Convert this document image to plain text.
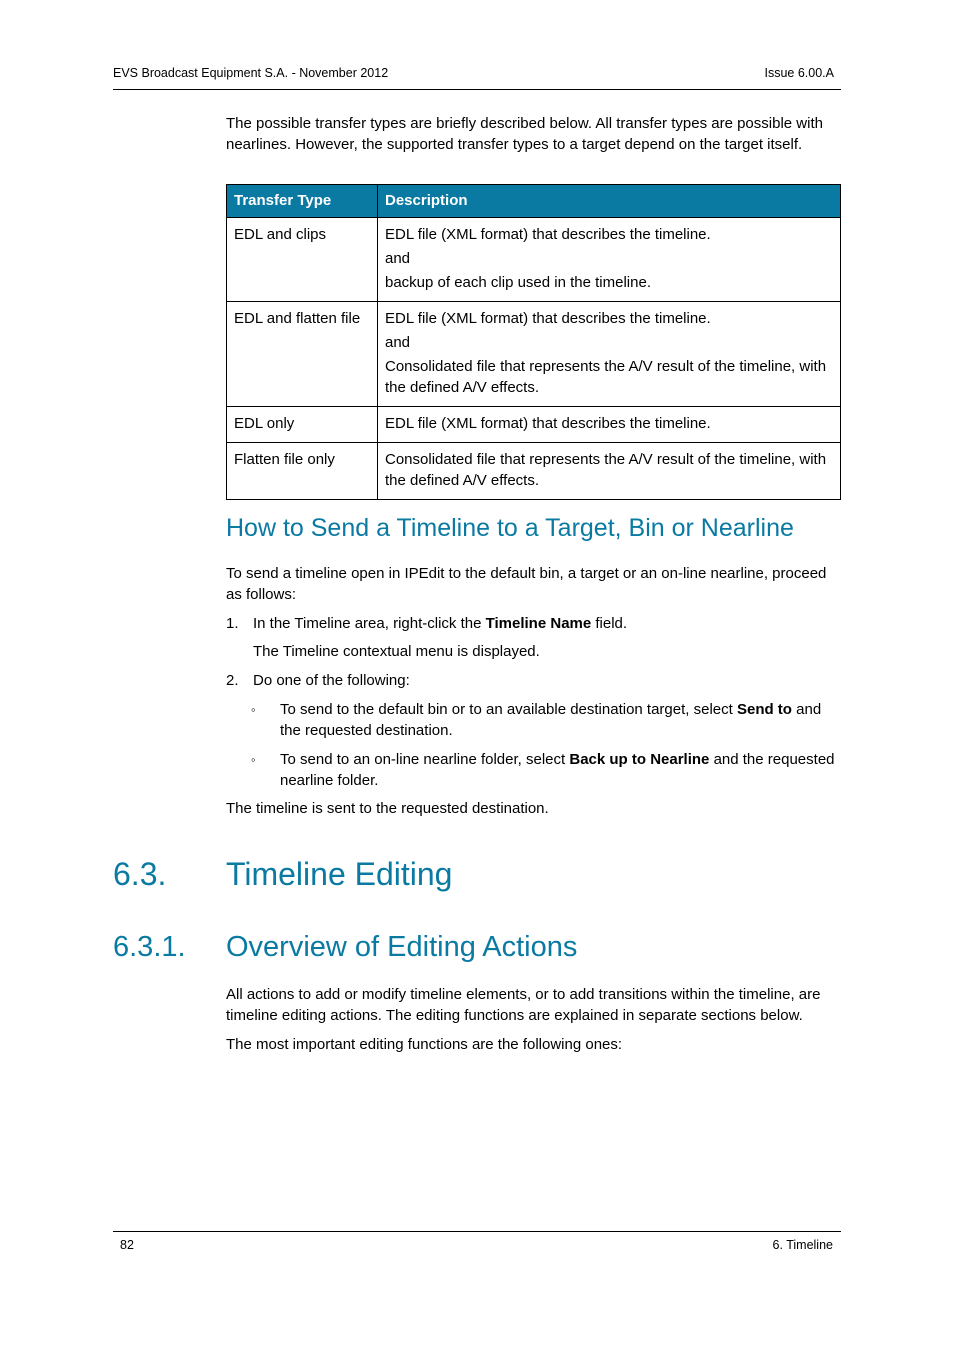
EVS Broadcast Equipment S.A. - November 2012	Issue 6.00.A

The possible transfer types are briefly described below. All transfer types are possible with nearlines. However, the supported transfer types to a target depend on the target itself.

Transfer Type	Description
EDL and clips	EDL file (XML format) that describes the timeline.
and
backup of each clip used in the timeline.

EDL and flatten file	EDL file (XML format) that describes the timeline.
and
Consolidated file that represents the A/V result of the timeline, with the defined A/V effects.

EDL only	EDL file (XML format) that describes the timeline.

Flatten file only	Consolidated file that represents the A/V result of the timeline, with the defined A/V effects.
How to Send a Timeline to a Target, Bin or Nearline

To send a timeline open in IPEdit to the default bin, a target or an on-line nearline, proceed as follows:

1. In the Timeline area, right-click the Timeline Name field.

The Timeline contextual menu is displayed.

2. Do one of the following:

◦ To send to the default bin or to an available destination target, select Send to and the requested destination.

◦ To send to an on-line nearline folder, select Back up to Nearline and the requested nearline folder.

The timeline is sent to the requested destination.

6.3. Timeline Editing
6.3.1. Overview of Editing Actions

All actions to add or modify timeline elements, or to add transitions within the timeline, are timeline editing actions. The editing functions are explained in separate sections below.

The most important editing functions are the following ones:

82	6. Timeline
